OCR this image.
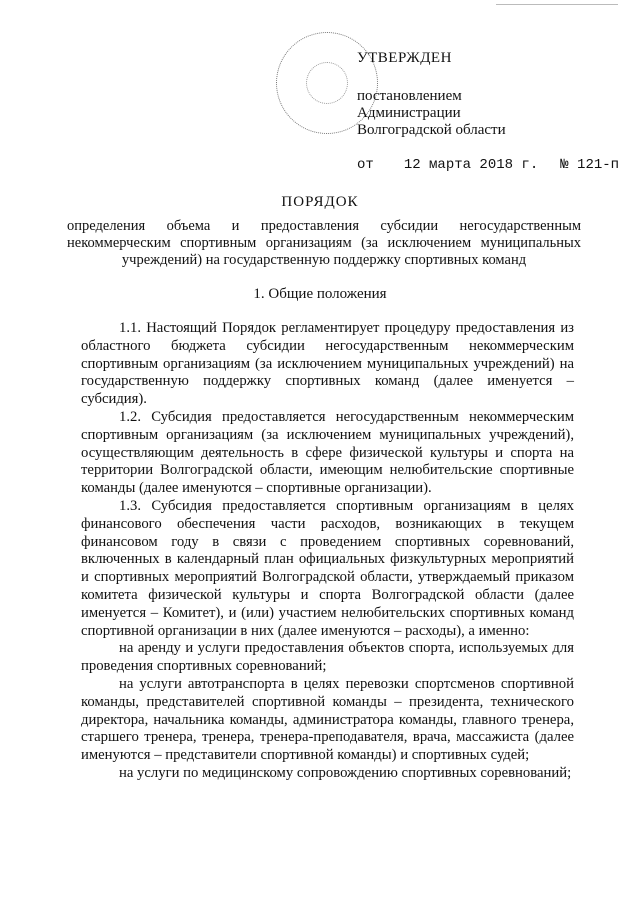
УТВЕРЖДЕН
постановлением
Администрации
Волгоградской области
от 12 марта 2018 г. № 121-п
ПОРЯДОК
определения объема и предоставления субсидии негосударственным некоммерческим спортивным организациям (за исключением муниципальных учреждений) на государственную поддержку спортивных команд
1. Общие положения

1.1. Настоящий Порядок регламентирует процедуру предоставления из областного бюджета субсидии негосударственным некоммерческим спортивным организациям (за исключением муниципальных учреждений) на государственную поддержку спортивных команд (далее именуется – субсидия).

1.2. Субсидия предоставляется негосударственным некоммерческим спортивным организациям (за исключением муниципальных учреждений), осуществляющим деятельность в сфере физической культуры и спорта на территории Волгоградской области, имеющим нелюбительские спортивные команды (далее именуются – спортивные организации).

1.3. Субсидия предоставляется спортивным организациям в целях финансового обеспечения части расходов, возникающих в текущем финансовом году в связи с проведением спортивных соревнований, включенных в календарный план официальных физкультурных мероприятий и спортивных мероприятий Волгоградской области, утверждаемый приказом комитета физической культуры и спорта Волгоградской области (далее именуется – Комитет), и (или) участием нелюбительских спортивных команд спортивной организации в них (далее именуются – расходы), а именно:

на аренду и услуги предоставления объектов спорта, используемых для проведения спортивных соревнований;

на услуги автотранспорта в целях перевозки спортсменов спортивной команды, представителей спортивной команды – президента, технического директора, начальника команды, администратора команды, главного тренера, старшего тренера, тренера, тренера-преподавателя, врача, массажиста (далее именуются – представители спортивной команды) и спортивных судей;

на услуги по медицинскому сопровождению спортивных соревнований;
